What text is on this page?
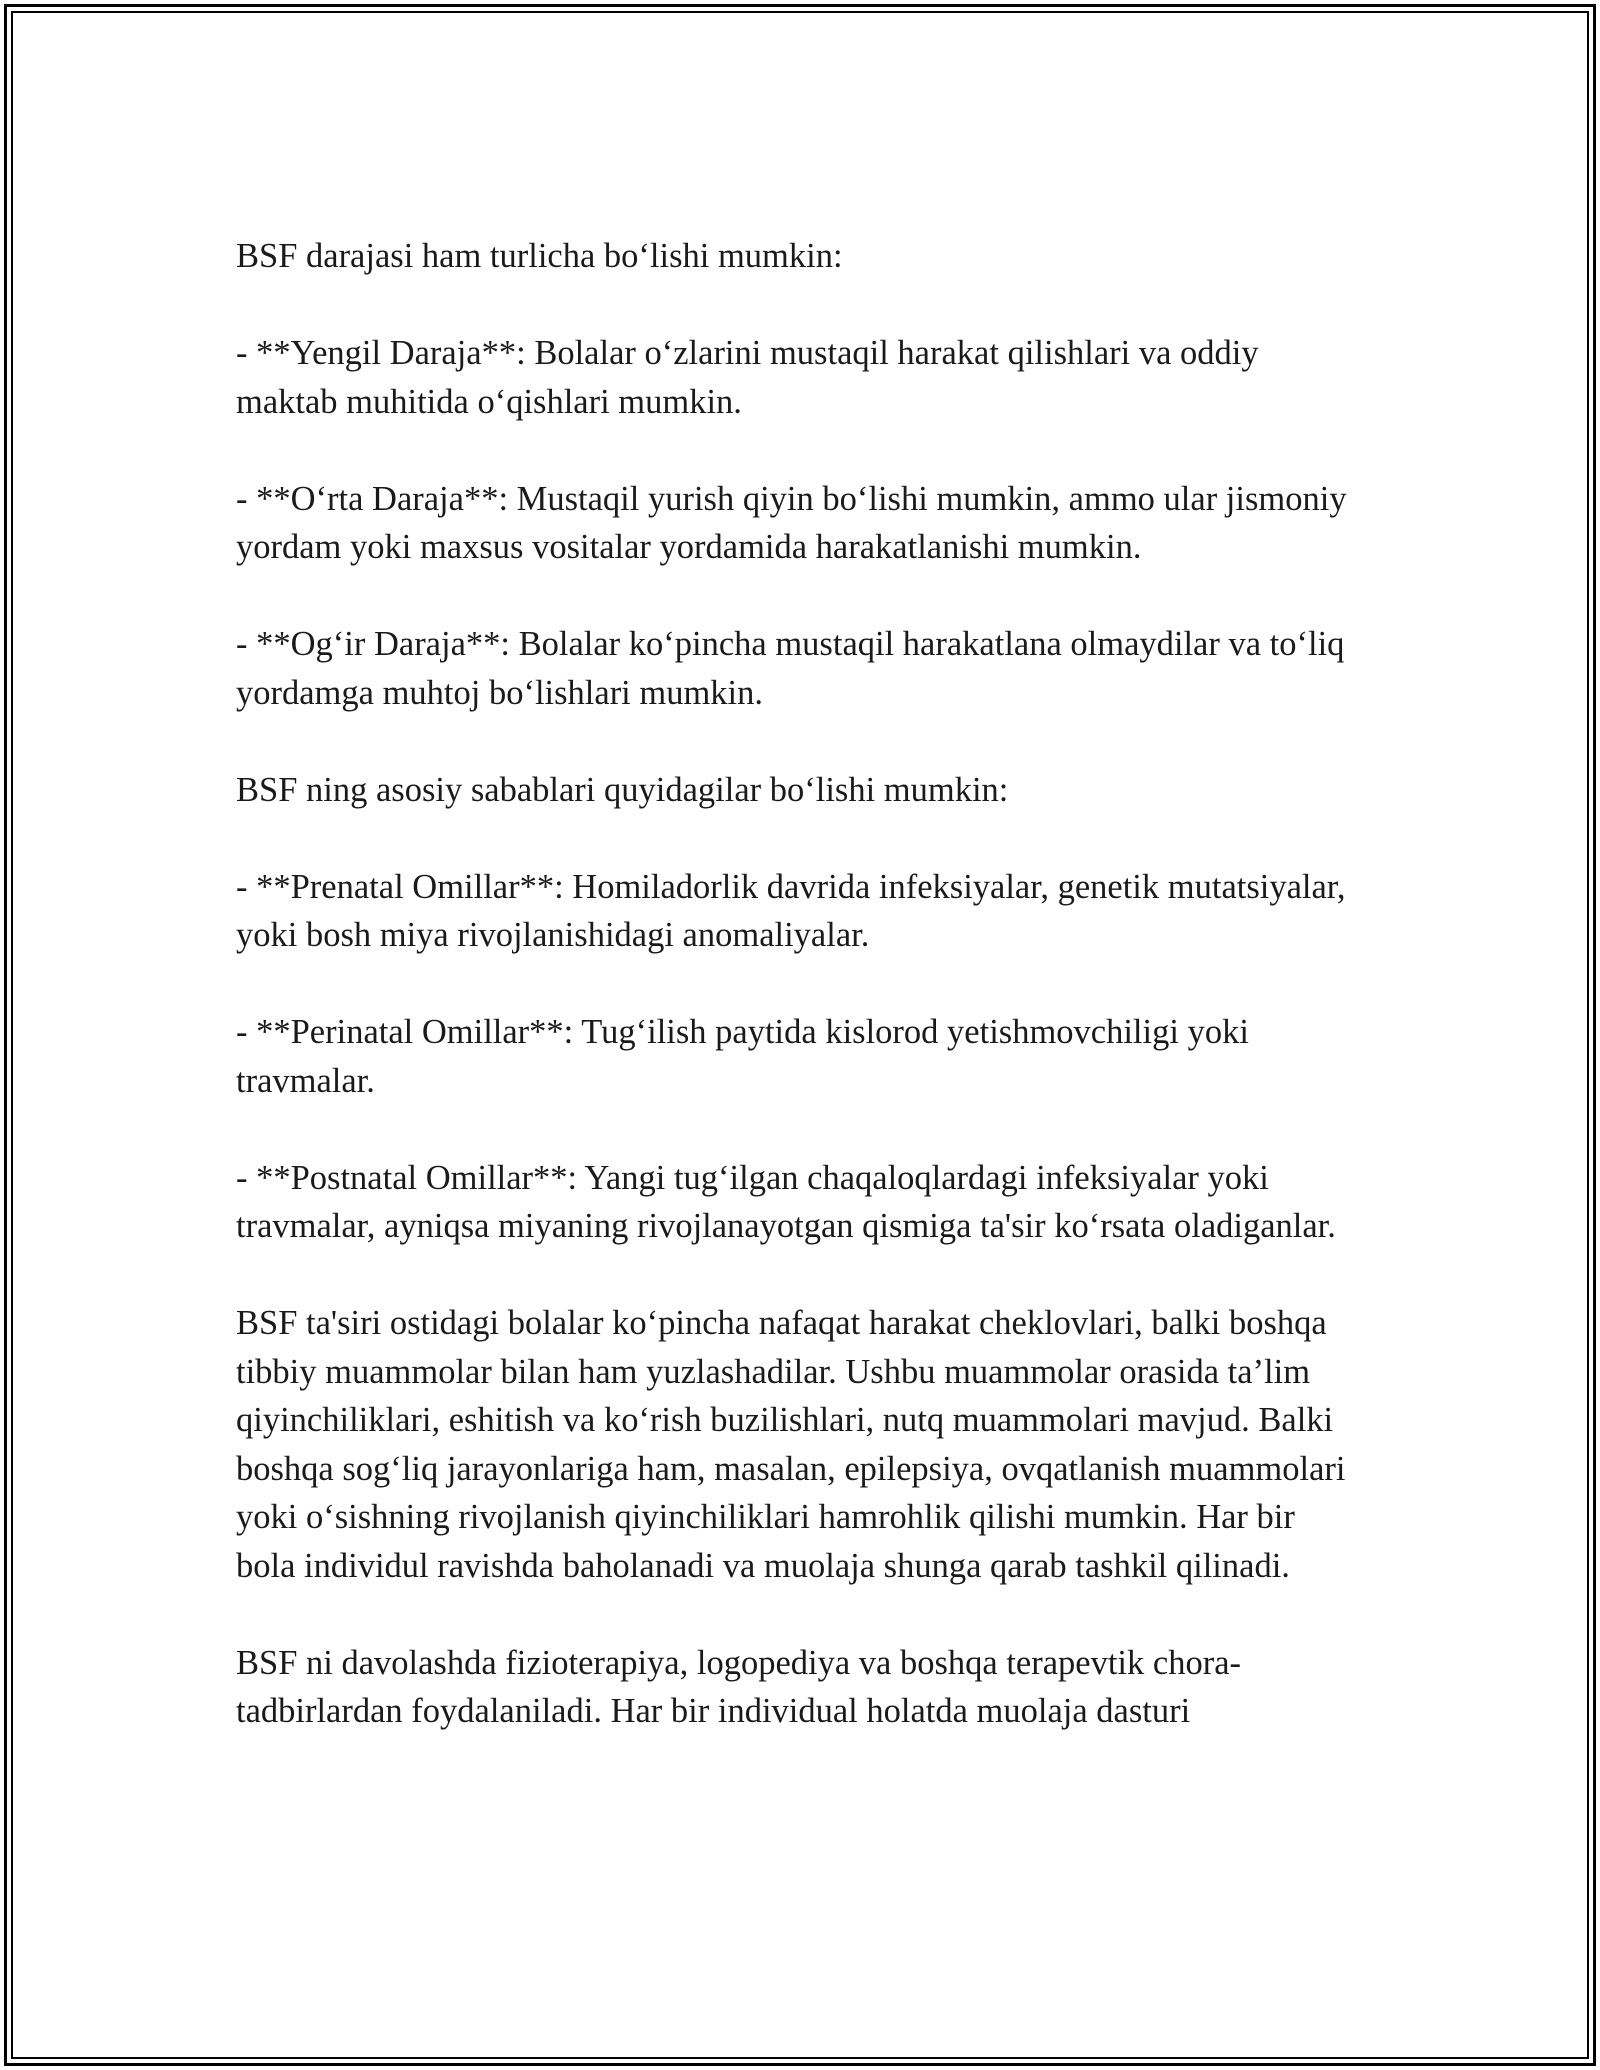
BSF darajasi ham turlicha bo‘lishi mumkin:

- **Yengil Daraja**: Bolalar o‘zlarini mustaqil harakat qilishlari va oddiy maktab muhitida o‘qishlari mumkin.

- **O‘rta Daraja**: Mustaqil yurish qiyin bo‘lishi mumkin, ammo ular jismoniy yordam yoki maxsus vositalar yordamida harakatlanishi mumkin.

- **Og‘ir Daraja**: Bolalar ko‘pincha mustaqil harakatlana olmaydilar va to‘liq yordamga muhtoj bo‘lishlari mumkin.

BSF ning asosiy sabablari quyidagilar bo‘lishi mumkin:

- **Prenatal Omillar**: Homiladorlik davrida infeksiyalar, genetik mutatsiyalar, yoki bosh miya rivojlanishidagi anomaliyalar.

- **Perinatal Omillar**: Tug‘ilish paytida kislorod yetishmovchiligi yoki travmalar.

- **Postnatal Omillar**: Yangi tug‘ilgan chaqaloqlardagi infeksiyalar yoki travmalar, ayniqsa miyaning rivojlanayotgan qismiga ta'sir ko‘rsata oladiganlar.

BSF ta'siri ostidagi bolalar ko‘pincha nafaqat harakat cheklovlari, balki boshqa tibbiy muammolar bilan ham yuzlashadilar. Ushbu muammolar orasida ta’lim qiyinchiliklari, eshitish va ko‘rish buzilishlari, nutq muammolari mavjud. Balki boshqa sog‘liq jarayonlariga ham, masalan, epilepsiya, ovqatlanish muammolari yoki o‘sishning rivojlanish qiyinchiliklari hamrohlik qilishi mumkin. Har bir bola individul ravishda baholanadi va muolaja shunga qarab tashkil qilinadi.

BSF ni davolashda fizioterapiya, logopediya va boshqa terapevtik chora-tadbirlardan foydalaniladi. Har bir individual holatda muolaja dasturi
